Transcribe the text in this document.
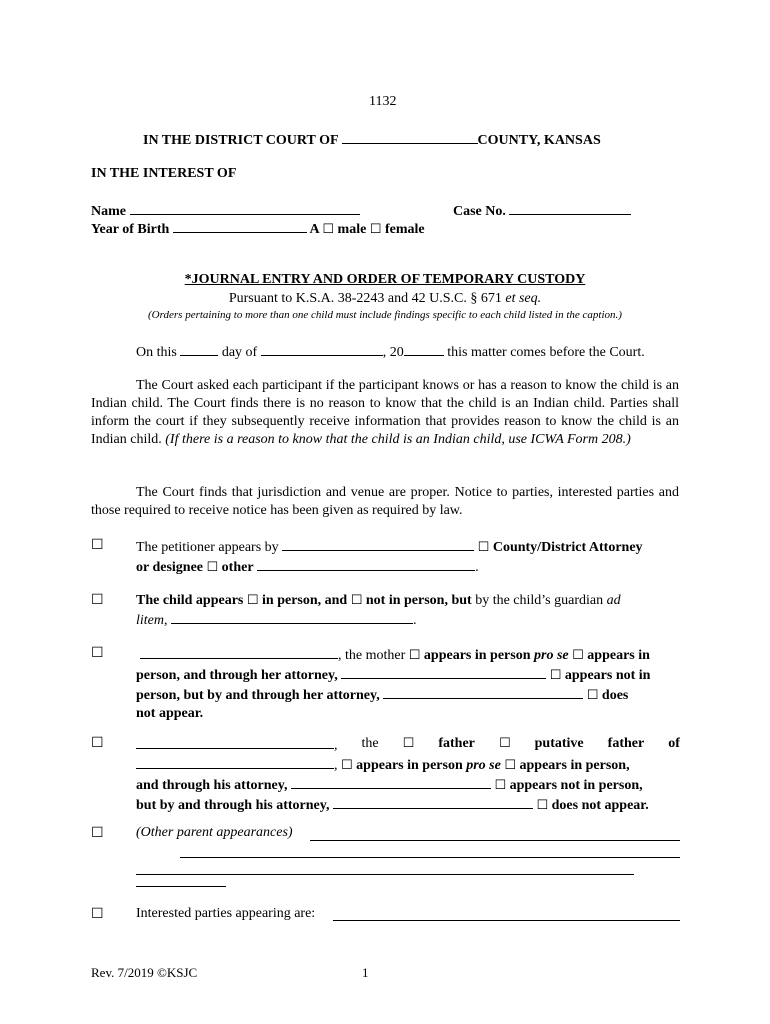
1132
IN THE DISTRICT COURT OF	COUNTY, KANSAS
IN THE INTEREST OF
Name	Case No.
Year of Birth	A ☐ male ☐ female
*JOURNAL ENTRY AND ORDER OF TEMPORARY CUSTODY
Pursuant to K.S.A. 38-2243 and 42 U.S.C. § 671 et seq.
(Orders pertaining to more than one child must include findings specific to each child listed in the caption.)
On this	day of	, 20	this matter comes before the Court.
The Court asked each participant if the participant knows or has a reason to know the child is an Indian child. The Court finds there is no reason to know that the child is an Indian child. Parties shall inform the court if they subsequently receive information that provides reason to know the child is an Indian child. (If there is a reason to know that the child is an Indian child, use ICWA Form 208.)
The Court finds that jurisdiction and venue are proper. Notice to parties, interested parties and those required to receive notice has been given as required by law.
☐ The petitioner appears by	☐ County/District Attorney
or designee ☐ other	.
☐ The child appears ☐ in person, and ☐ not in person, but by the child’s guardian ad
litem,	.
☐	, the mother ☐ appears in person pro se ☐ appears in
person, and through her attorney,	☐ appears not in
person, but by and through her attorney,	☐ does
not appear.
☐	, the ☐ father ☐ putative father of
, ☐ appears in person pro se ☐ appears in person,
and through his attorney,	☐ appears not in person,
but by and through his attorney,	☐ does not appear.
☐ (Other parent appearances)
☐ Interested parties appearing are:
Rev. 7/2019 ©KSJC	1
